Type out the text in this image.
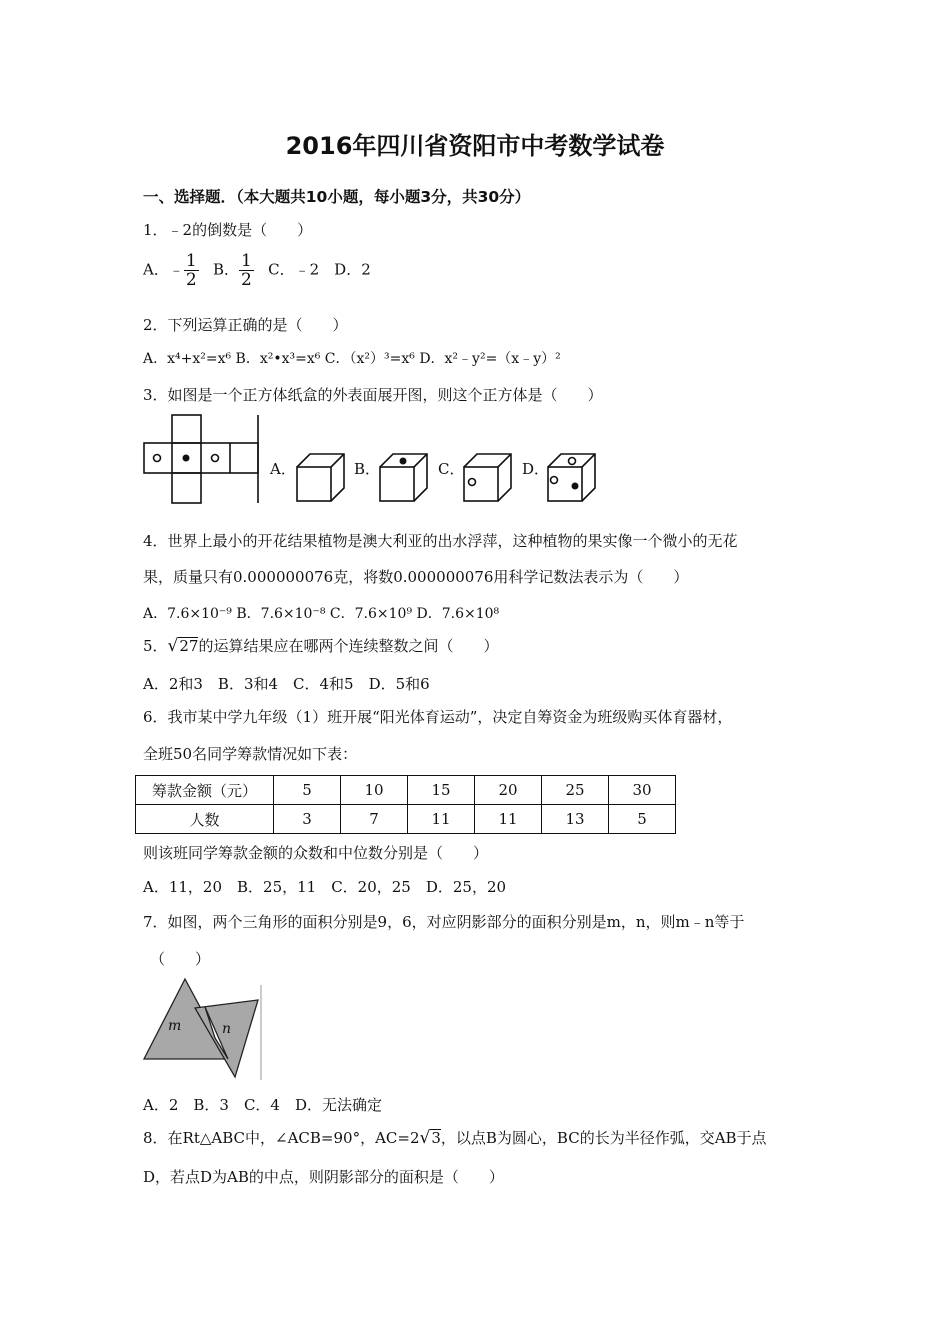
2016年四川省资阳市中考数学试卷
一、选择题．（本大题共10小题，每小题3分，共30分）
1．﹣2的倒数是（　　）
A．﹣ $\frac{1}{2}$ B． $\frac{1}{2}$ C．﹣2　D．2
2．下列运算正确的是（　　）
A．x⁴+x²=x⁶ B．x²•x³=x⁶ C．（x²）³=x⁶ D．x²﹣y²=（x﹣y）²
3．如图是一个正方体纸盒的外表面展开图，则这个正方体是（　　）
A．	B．	C．	D．
4．世界上最小的开花结果植物是澳大利亚的出水浮萍，这种植物的果实像一个微小的无花
果，质量只有0.000000076克，将数0.000000076用科学记数法表示为（　　）
A．7.6×10⁻⁹ B．7.6×10⁻⁸ C．7.6×10⁹ D．7.6×10⁸
5．√27的运算结果应在哪两个连续整数之间（　　）
A．2和3　B．3和4　C．4和5　D．5和6
6．我市某中学九年级（1）班开展“阳光体育运动”，决定自筹资金为班级购买体育器材，
全班50名同学筹款情况如下表：
筹款金额（元）	5	10	15	20	25	30
人数	3	7	11	11	13	5
则该班同学筹款金额的众数和中位数分别是（　　）
A．11，20　B．25，11　C．20，25　D．25，20
7．如图，两个三角形的面积分别是9，6，对应阴影部分的面积分别是m，n，则m﹣n等于
（　　）
m	n
A．2　B．3　C．4　D．无法确定
8．在Rt△ABC中，∠ACB=90°，AC=2√3，以点B为圆心，BC的长为半径作弧，交AB于点
D，若点D为AB的中点，则阴影部分的面积是（　　）
